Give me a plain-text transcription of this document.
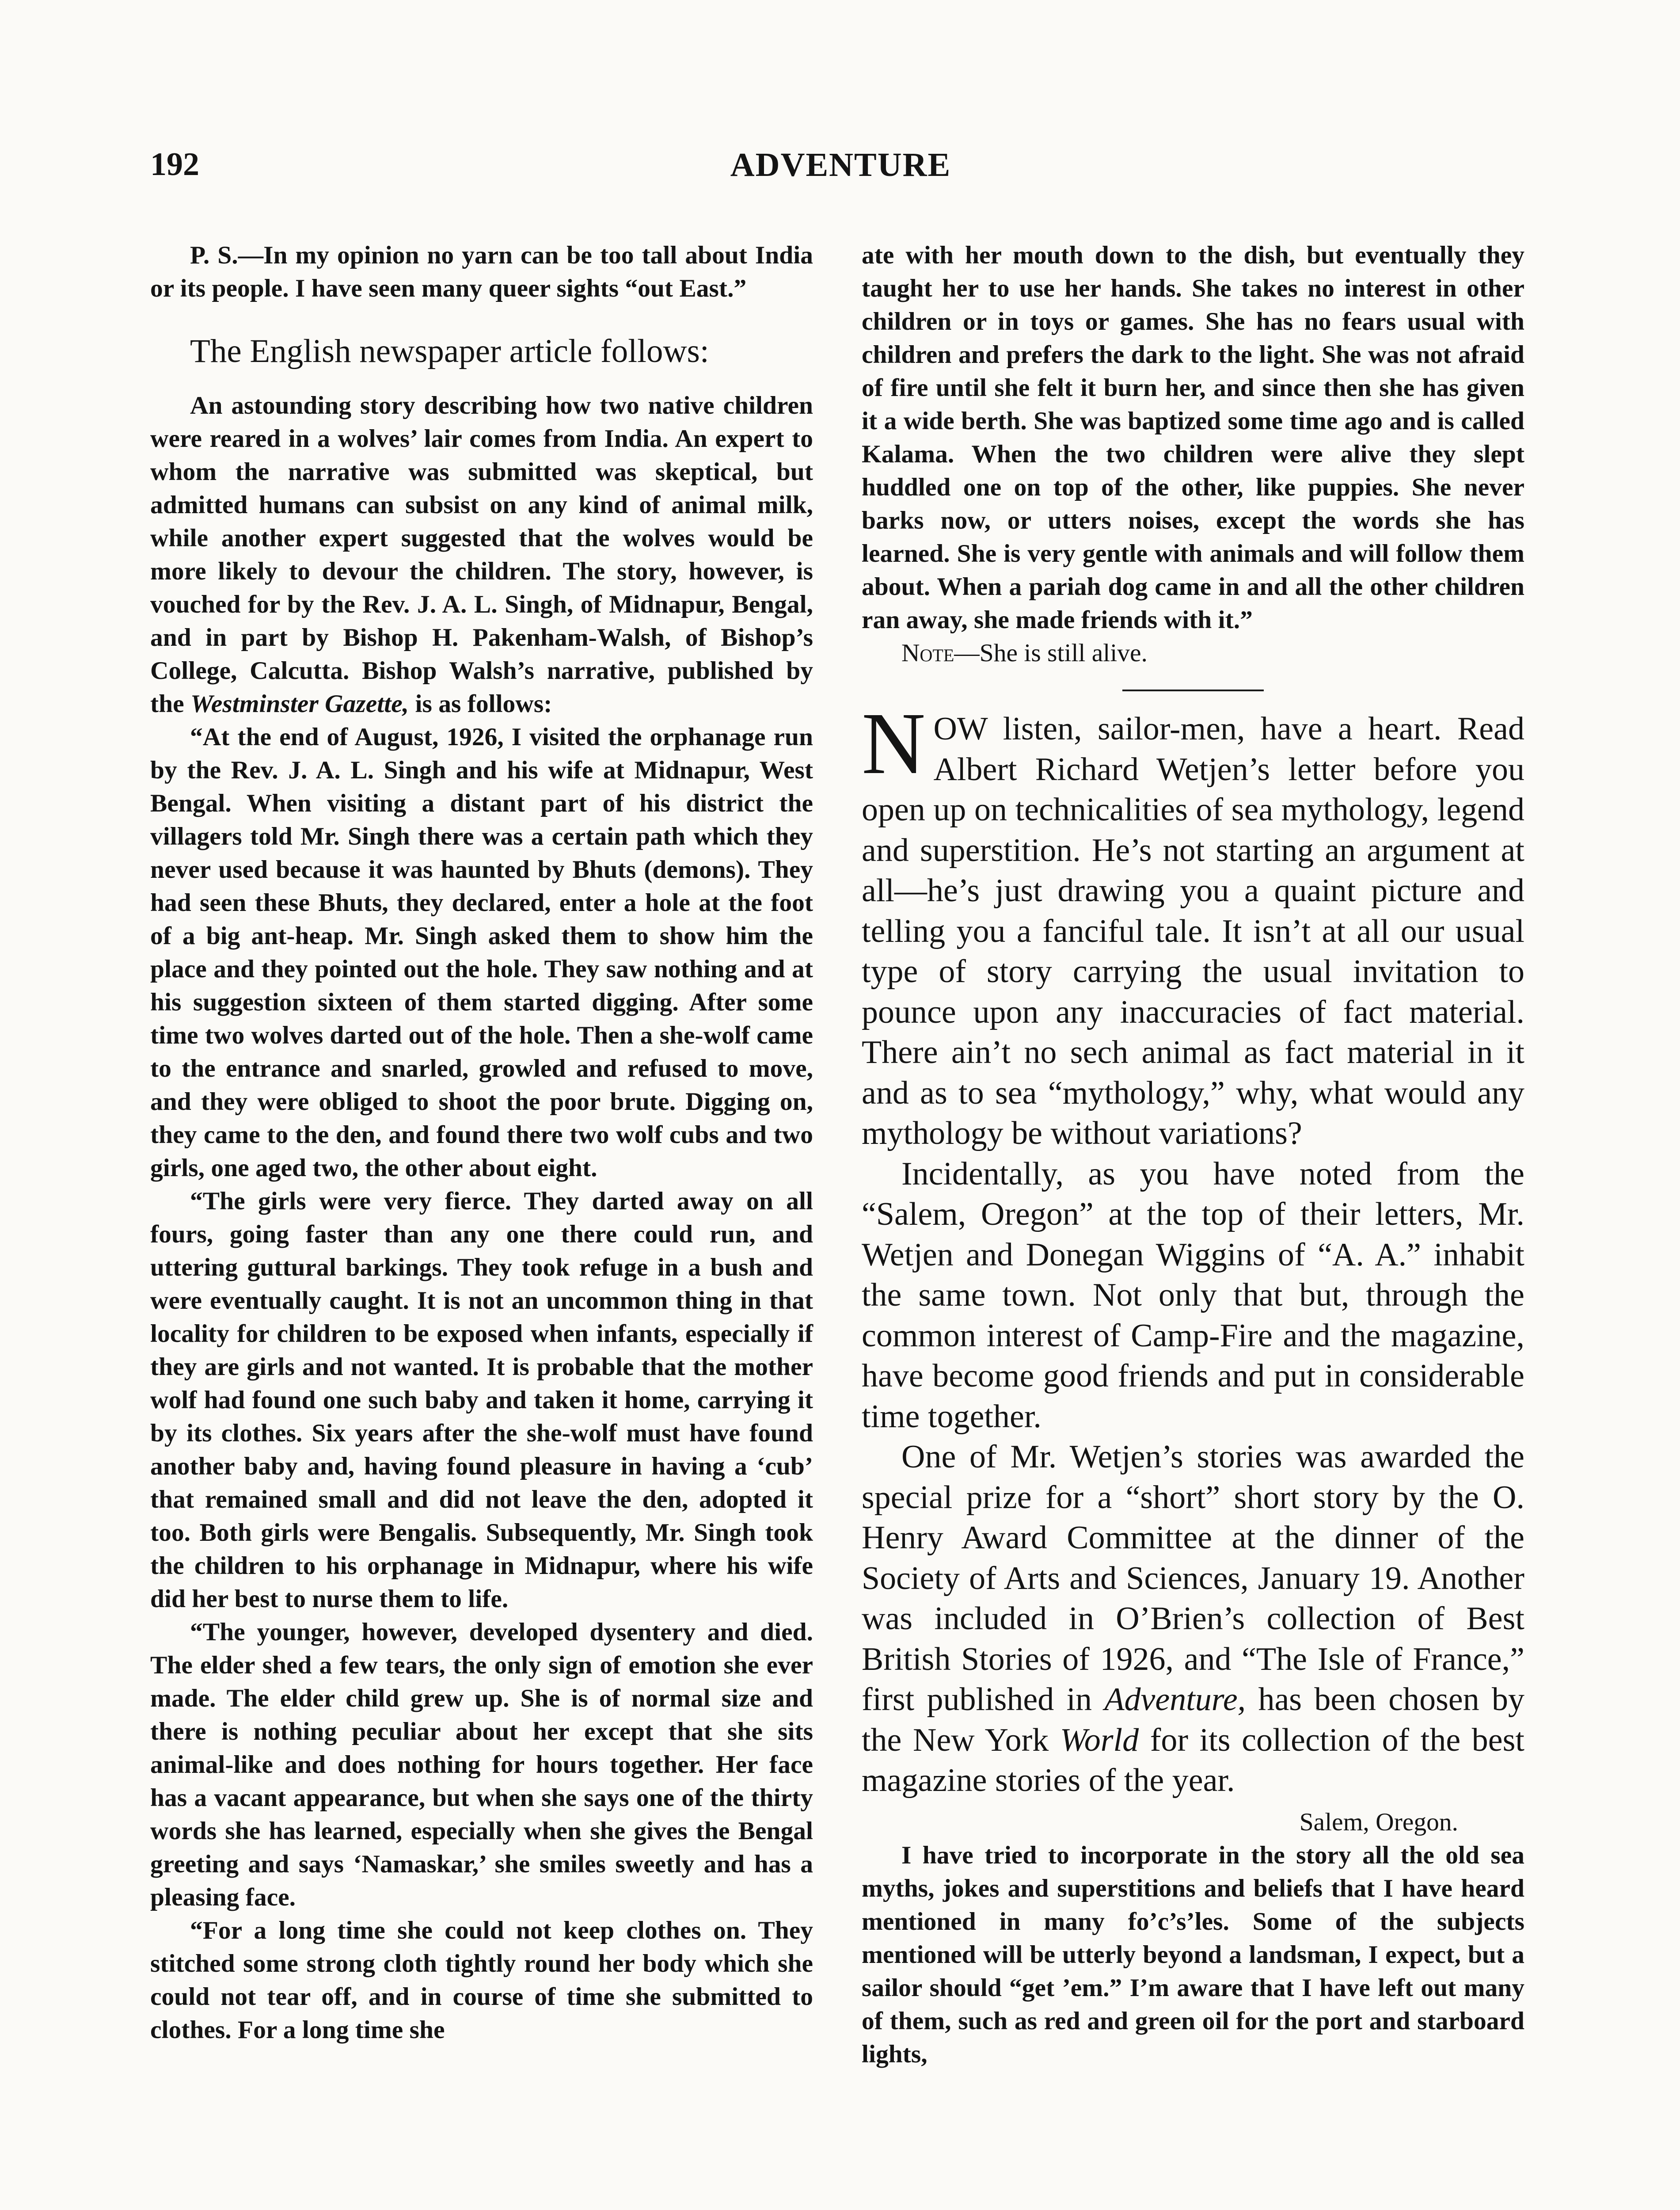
192	ADVENTURE

P. S.—In my opinion no yarn can be too tall about India or its people. I have seen many queer sights “out East.”

The English newspaper article follows:

An astounding story describing how two native children were reared in a wolves’ lair comes from India. An expert to whom the narrative was submitted was skeptical, but admitted humans can subsist on any kind of animal milk, while another expert suggested that the wolves would be more likely to devour the children. The story, however, is vouched for by the Rev. J. A. L. Singh, of Midnapur, Bengal, and in part by Bishop H. Pakenham-Walsh, of Bishop’s College, Calcutta. Bishop Walsh’s narrative, published by the Westminster Gazette, is as follows:

“At the end of August, 1926, I visited the orphanage run by the Rev. J. A. L. Singh and his wife at Midnapur, West Bengal. When visiting a distant part of his district the villagers told Mr. Singh there was a certain path which they never used because it was haunted by Bhuts (demons). They had seen these Bhuts, they declared, enter a hole at the foot of a big ant-heap. Mr. Singh asked them to show him the place and they pointed out the hole. They saw nothing and at his suggestion sixteen of them started digging. After some time two wolves darted out of the hole. Then a she-wolf came to the entrance and snarled, growled and refused to move, and they were obliged to shoot the poor brute. Digging on, they came to the den, and found there two wolf cubs and two girls, one aged two, the other about eight.

“The girls were very fierce. They darted away on all fours, going faster than any one there could run, and uttering guttural barkings. They took refuge in a bush and were eventually caught. It is not an uncommon thing in that locality for children to be exposed when infants, especially if they are girls and not wanted. It is probable that the mother wolf had found one such baby and taken it home, carrying it by its clothes. Six years after the she-wolf must have found another baby and, having found pleasure in having a ‘cub’ that remained small and did not leave the den, adopted it too. Both girls were Bengalis. Subsequently, Mr. Singh took the children to his orphanage in Midnapur, where his wife did her best to nurse them to life.

“The younger, however, developed dysentery and died. The elder shed a few tears, the only sign of emotion she ever made. The elder child grew up. She is of normal size and there is nothing peculiar about her except that she sits animal-like and does nothing for hours together. Her face has a vacant appearance, but when she says one of the thirty words she has learned, especially when she gives the Bengal greeting and says ‘Namaskar,’ she smiles sweetly and has a pleasing face.

“For a long time she could not keep clothes on. They stitched some strong cloth tightly round her body which she could not tear off, and in course of time she submitted to clothes. For a long time she

ate with her mouth down to the dish, but eventually they taught her to use her hands. She takes no interest in other children or in toys or games. She has no fears usual with children and prefers the dark to the light. She was not afraid of fire until she felt it burn her, and since then she has given it a wide berth. She was baptized some time ago and is called Kalama. When the two children were alive they slept huddled one on top of the other, like puppies. She never barks now, or utters noises, except the words she has learned. She is very gentle with animals and will follow them about. When a pariah dog came in and all the other children ran away, she made friends with it.”

Note—She is still alive.

NOW listen, sailor-men, have a heart. Read Albert Richard Wetjen’s letter before you open up on technicalities of sea mythology, legend and superstition. He’s not starting an argument at all—he’s just drawing you a quaint picture and telling you a fanciful tale. It isn’t at all our usual type of story carrying the usual invitation to pounce upon any inaccuracies of fact material. There ain’t no sech animal as fact material in it and as to sea “mythology,” why, what would any mythology be without variations?

Incidentally, as you have noted from the “Salem, Oregon” at the top of their letters, Mr. Wetjen and Donegan Wiggins of “A. A.” inhabit the same town. Not only that but, through the common interest of Camp-Fire and the magazine, have become good friends and put in considerable time together.

One of Mr. Wetjen’s stories was awarded the special prize for a “short” short story by the O. Henry Award Committee at the dinner of the Society of Arts and Sciences, January 19. Another was included in O’Brien’s collection of Best British Stories of 1926, and “The Isle of France,” first published in Adventure, has been chosen by the New York World for its collection of the best magazine stories of the year.

Salem, Oregon.

I have tried to incorporate in the story all the old sea myths, jokes and superstitions and beliefs that I have heard mentioned in many fo’c’s’les. Some of the subjects mentioned will be utterly beyond a landsman, I expect, but a sailor should “get ’em.” I’m aware that I have left out many of them, such as red and green oil for the port and starboard lights,
